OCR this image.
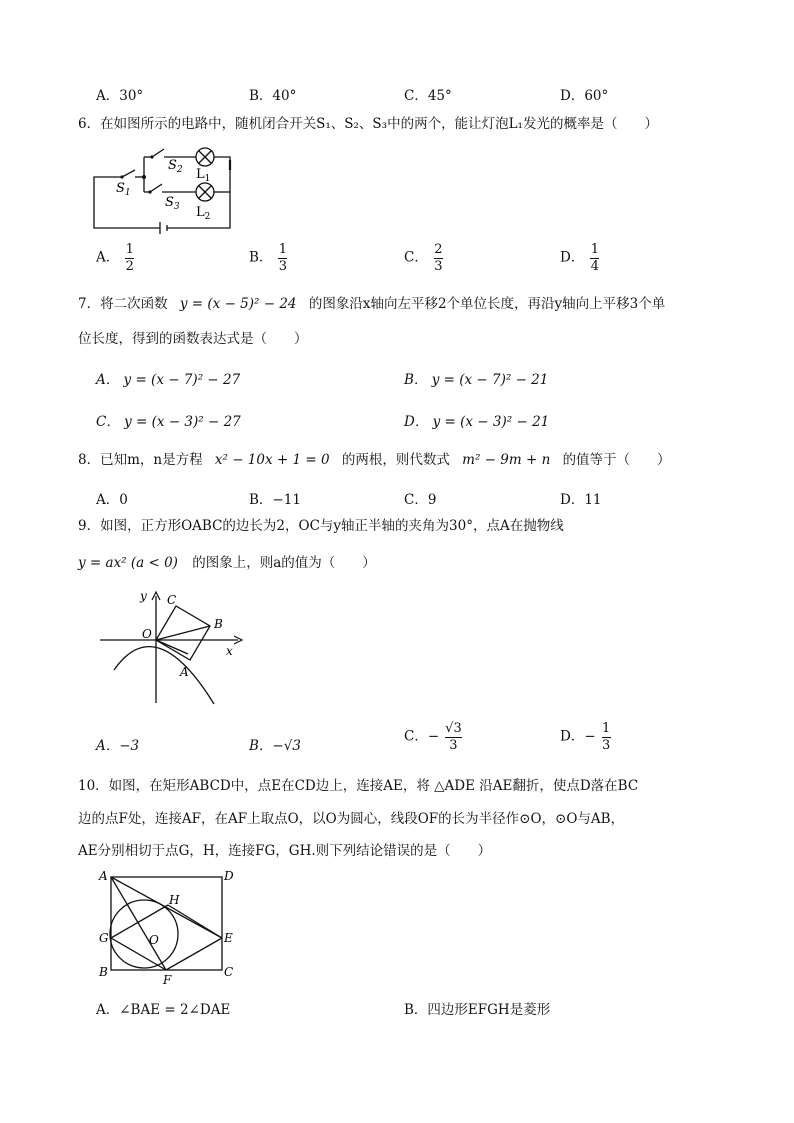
A．30°	B．40°	C．45°	D．60°
6．在如图所示的电路中，随机闭合开关S₁、S₂、S₃中的两个，能让灯泡L₁发光的概率是（　　）
$S_1$
$S_2$ $L_1$
$S_3$ $L_2$
A． $\frac{1}{2}$	B． $\frac{1}{3}$	C． $\frac{2}{3}$	D． $\frac{1}{4}$
7．将二次函数 y = (x − 5)² − 24 的图象沿x轴向左平移2个单位长度，再沿y轴向上平移3个单
位长度，得到的函数表达式是（　　）
A． y = (x − 7)² − 27	B． y = (x − 7)² − 21
C． y = (x − 3)² − 27	D． y = (x − 3)² − 21
8．已知m，n是方程 x² − 10x + 1 = 0 的两根，则代数式 m² − 9m + n 的值等于（　　）
A．0	B．−11	C．9	D．11
9．如图，正方形OABC的边长为2，OC与y轴正半轴的夹角为30°，点A在抛物线
y = ax² (a < 0) 的图象上，则a的值为（　　）
y
x
O
C
B
A
A．−3	B．−√3
C．− $\frac{√3}{3}$	D．− $\frac{1}{3}$
10．如图，在矩形ABCD中，点E在CD边上，连接AE，将 △ADE 沿AE翻折，使点D落在BC
边的点F处，连接AF，在AF上取点O，以O为圆心，线段OF的长为半径作⊙O，⊙O与AB，
AE分别相切于点G，H，连接FG，GH.则下列结论错误的是（　　）
A	D
B	C
E
F
G
H
O
A．∠BAE = 2∠DAE	B．四边形EFGH是菱形
